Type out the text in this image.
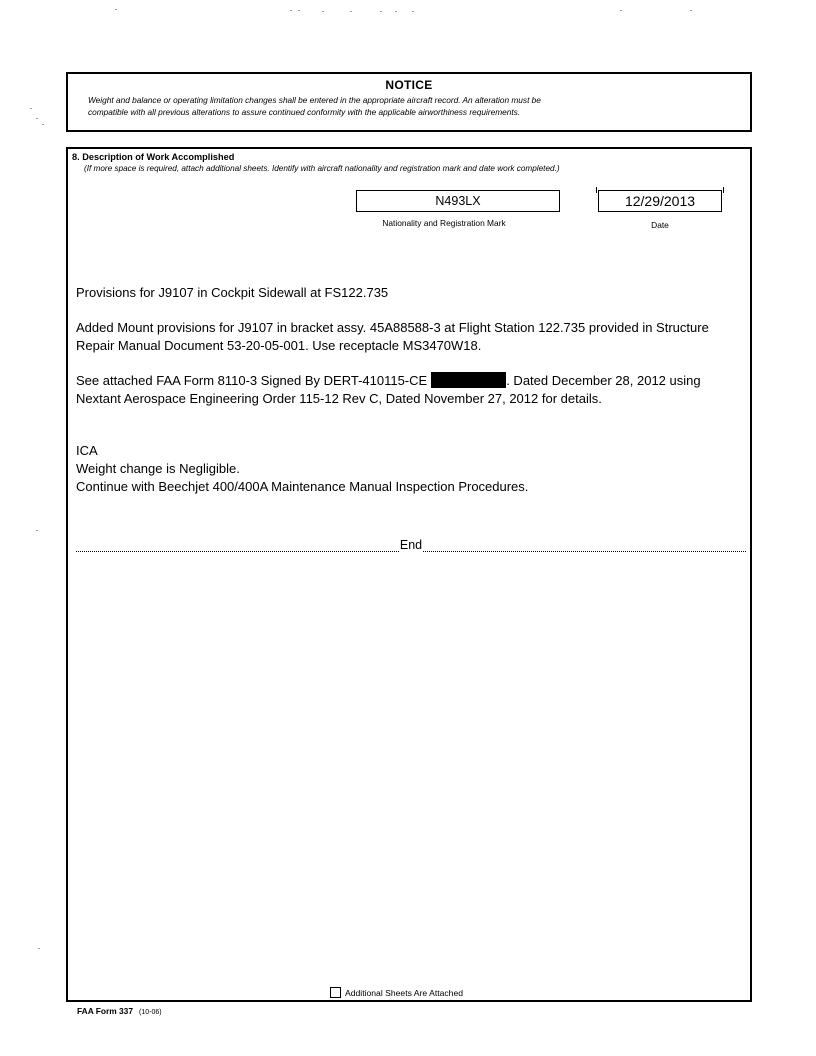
NOTICE
Weight and balance or operating limitation changes shall be entered in the appropriate aircraft record. An alteration must be
compatible with all previous alterations to assure continued conformity with the applicable airworthiness requirements.
8. Description of Work Accomplished
(If more space is required, attach additional sheets. Identify with aircraft nationality and registration mark and date work completed.)
N493LX
Nationality and Registration Mark
12/29/2013
Date
Provisions for J9107 in Cockpit Sidewall at FS122.735
Added Mount provisions for J9107 in bracket assy. 45A88588-3 at Flight Station 122.735 provided in Structure
Repair Manual Document 53-20-05-001. Use receptacle MS3470W18.
See attached FAA Form 8110-3 Signed By DERT-410115-CE	. Dated December 28, 2012 using
Nextant Aerospace Engineering Order 115-12 Rev C, Dated November 27, 2012 for details.
ICA
Weight change is Negligible.
Continue with Beechjet 400/400A Maintenance Manual Inspection Procedures.
End
Additional Sheets Are Attached
FAA Form 337 (10-06)
